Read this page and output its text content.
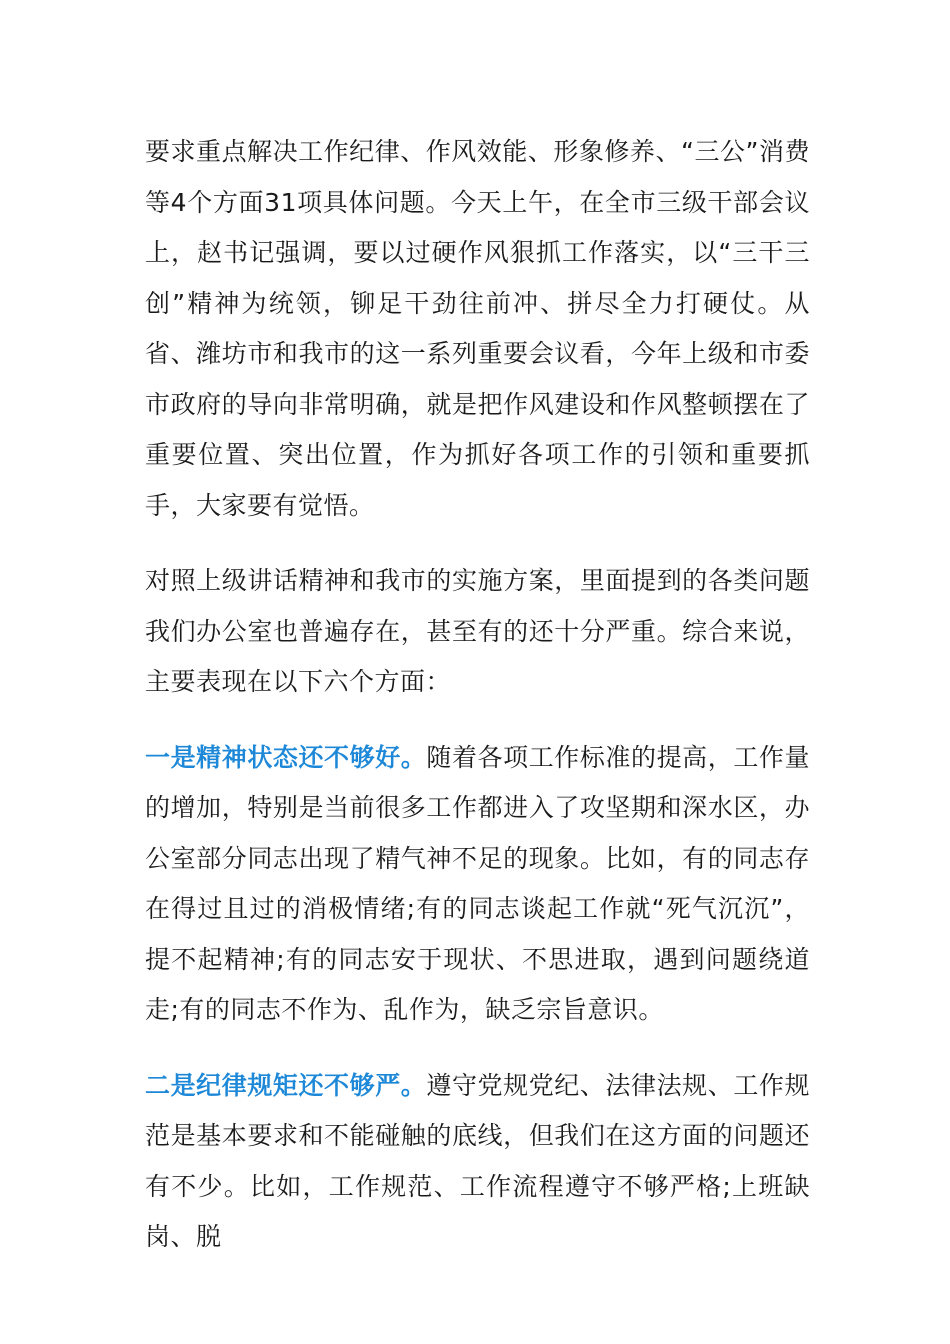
要求重点解决工作纪律、作风效能、形象修养、“三公”消费等4个方面31项具体问题。今天上午，在全市三级干部会议上，赵书记强调，要以过硬作风狠抓工作落实，以“三干三创”精神为统领，铆足干劲往前冲、拼尽全力打硬仗。从省、潍坊市和我市的这一系列重要会议看，今年上级和市委市政府的导向非常明确，就是把作风建设和作风整顿摆在了重要位置、突出位置，作为抓好各项工作的引领和重要抓手，大家要有觉悟。

对照上级讲话精神和我市的实施方案，里面提到的各类问题我们办公室也普遍存在，甚至有的还十分严重。综合来说，主要表现在以下六个方面：

一是精神状态还不够好。随着各项工作标准的提高，工作量的增加，特别是当前很多工作都进入了攻坚期和深水区，办公室部分同志出现了精气神不足的现象。比如，有的同志存在得过且过的消极情绪;有的同志谈起工作就“死气沉沉”，提不起精神;有的同志安于现状、不思进取，遇到问题绕道走;有的同志不作为、乱作为，缺乏宗旨意识。

二是纪律规矩还不够严。遵守党规党纪、法律法规、工作规范是基本要求和不能碰触的底线，但我们在这方面的问题还有不少。比如，工作规范、工作流程遵守不够严格;上班缺岗、脱
